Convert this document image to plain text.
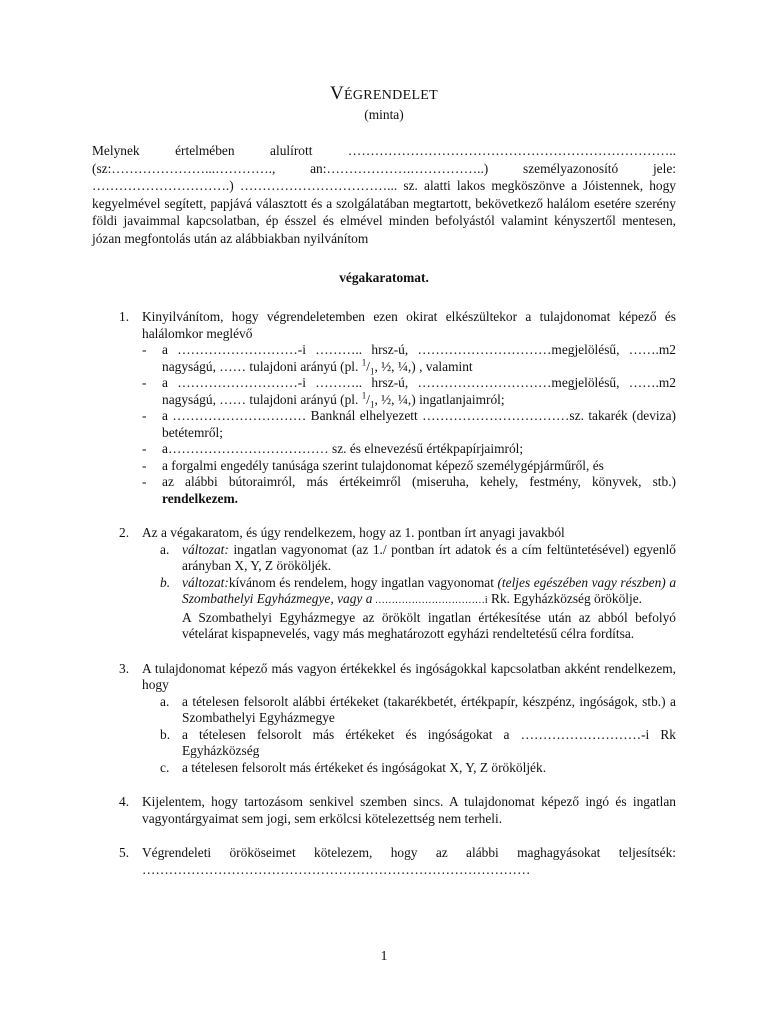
VÉGRENDELET

(minta)

Melynek értelmében alulírott ……………………………………………………………….. (sz:…………………...…………., an:……………….……………..) személyazonosító jele: ………………………….) ……………………………... sz. alatti lakos megköszönve a Jóistennek, hogy kegyelmével segített, papjává választott és a szolgálatában megtartott, bekövetkező halálom esetére szerény földi javaimmal kapcsolatban, ép ésszel és elmével minden befolyástól valamint kényszertől mentesen, józan megfontolás után az alábbiakban nyilvánítom

végakaratomat.

1. Kinyilvánítom, hogy végrendeletemben ezen okirat elkészültekor a tulajdonomat képező és halálomkor meglévő
- a ………………………-i ……….. hrsz-ú, …………………………megjelölésű, …….m2 nagyságú, …… tulajdoni arányú (pl. $^1/_1$, ½, ¼,) , valamint
- a ………………………-i ……….. hrsz-ú, …………………………megjelölésű, …….m2 nagyságú, …… tulajdoni arányú (pl. $^1/_1$, ½, ¼,) ingatlanjaimról;
- a ………………………… Banknál elhelyezett ……………………………sz. takarék (deviza) betétemről;
- a……………………………… sz. és elnevezésű értékpapírjaimról;
- a forgalmi engedély tanúsága szerint tulajdonomat képező személygépjárműről, és
- az alábbi bútoraimról, más értékeimről (miseruha, kehely, festmény, könyvek, stb.) rendelkezem.
2. Az a végakaratom, és úgy rendelkezem, hogy az 1. pontban írt anyagi javakból
a. változat: ingatlan vagyonomat (az 1./ pontban írt adatok és a cím feltüntetésével) egyenlő arányban X, Y, Z örököljék.
b. változat:kívánom és rendelem, hogy ingatlan vagyonomat (teljes egészében vagy részben) a Szombathelyi Egyházmegye, vagy a ……………………………i Rk. Egyházközség örökölje.
A Szombathelyi Egyházmegye az örökölt ingatlan értékesítése után az abból befolyó vételárat kispapnevelés, vagy más meghatározott egyházi rendeltetésű célra fordítsa.
3. A tulajdonomat képező más vagyon értékekkel és ingóságokkal kapcsolatban akként rendelkezem, hogy
a. a tételesen felsorolt alábbi értékeket (takarékbetét, értékpapír, készpénz, ingóságok, stb.) a Szombathelyi Egyházmegye
b. a tételesen felsorolt más értékeket és ingóságokat a ………………………-i Rk Egyházközség
c. a tételesen felsorolt más értékeket és ingóságokat X, Y, Z örököljék.
4. Kijelentem, hogy tartozásom senkivel szemben sincs. A tulajdonomat képező ingó és ingatlan vagyontárgyaimat sem jogi, sem erkölcsi kötelezettség nem terheli.
5. Végrendeleti örököseimet kötelezem, hogy az alábbi maghagyásokat teljesítsék: ……………………………………………………………………………
1
